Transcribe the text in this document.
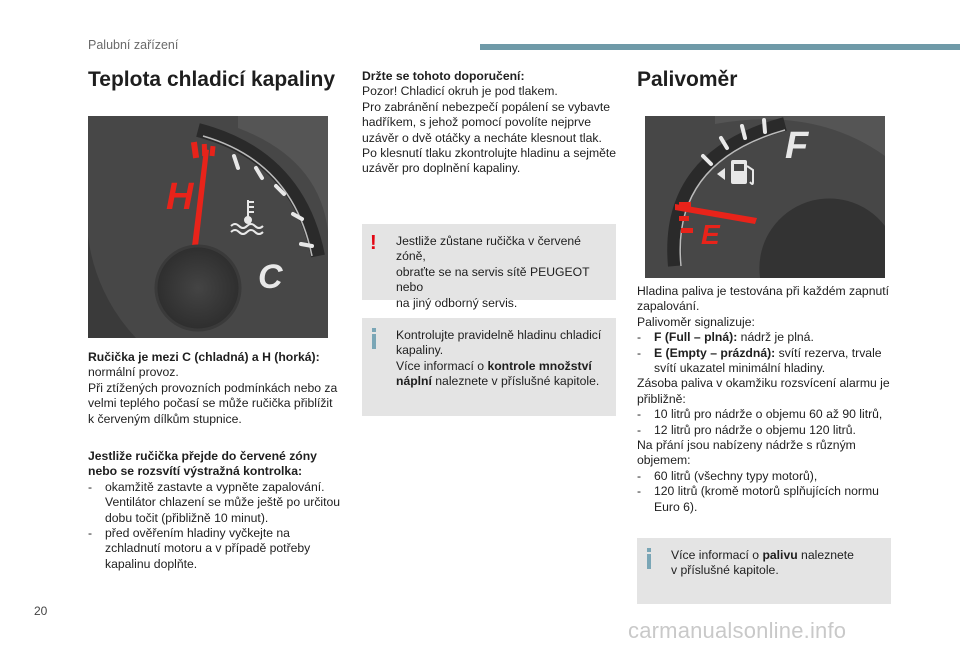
Palubní zařízení
Teplota chladicí kapaliny
H
C

Ručička je mezi C (chladná) a H (horká):

normální provoz.

Při ztížených provozních podmínkách nebo za

velmi teplého počasí se může ručička přiblížit

k červeným dílkům stupnice.

Jestliže ručička přejde do červené zóny

nebo se rozsvítí výstražná kontrolka:

- okamžitě zastavte a vypněte zapalování.
Ventilátor chlazení se může ještě po určitou
dobu točit (přibližně 10 minut).
- před ověřením hladiny vyčkejte na
zchladnutí motoru a v případě potřeby
kapalinu doplňte.

Držte se tohoto doporučení:

Pozor! Chladicí okruh je pod tlakem.

Pro zabránění nebezpečí popálení se vybavte

hadříkem, s jehož pomocí povolíte nejprve

uzávěr o dvě otáčky a necháte klesnout tlak.

Po klesnutí tlaku zkontrolujte hladinu a sejměte

uzávěr pro doplnění kapaliny.

! Jestliže zůstane ručička v červené zóně,

obraťte se na servis sítě PEUGEOT nebo

na jiný odborný servis.

Kontrolujte pravidelně hladinu chladicí

kapaliny.

Více informací o kontrole množství

náplní naleznete v příslušné kapitole.

Palivoměr
F
E

Hladina paliva je testována při každém zapnutí

zapalování.

Palivoměr signalizuje:

- F (Full – plná): nádrž je plná.
- E (Empty – prázdná): svítí rezerva, trvale
svítí ukazatel minimální hladiny.

Zásoba paliva v okamžiku rozsvícení alarmu je

přibližně:

- 10 litrů pro nádrže o objemu 60 až 90 litrů,
- 12 litrů pro nádrže o objemu 120 litrů.

Na přání jsou nabízeny nádrže s různým

objemem:

- 60 litrů (všechny typy motorů),
- 120 litrů (kromě motorů splňujících normu
Euro 6).

Více informací o palivu naleznete

v příslušné kapitole.

20
carmanualsonline.info
